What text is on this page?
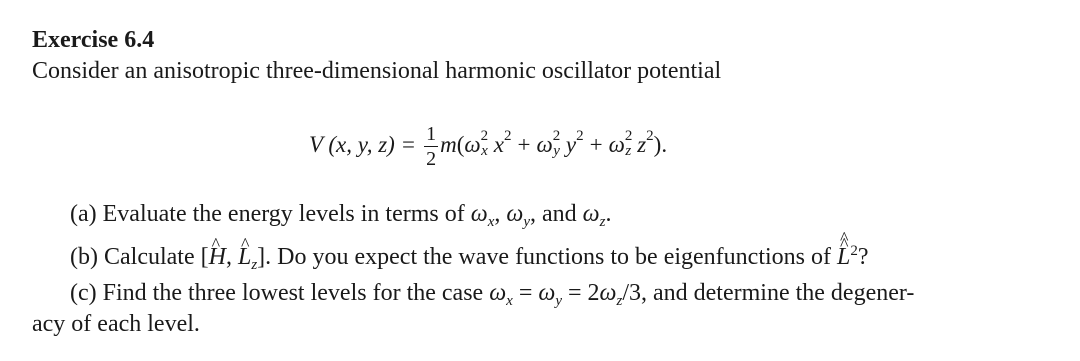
Exercise 6.4
Consider an anisotropic three-dimensional harmonic oscillator potential
V (x, y, $z) = \frac{1}{2}$ m ( ω 2
x x 2 + ω 2
y y 2 + ω 2
z z 2 ).
(a) Evaluate the energy levels in terms of $\omega_x$, $\omega_y$, and $\omega_z$.
(b) Calculate [^ H, ^ $L_z$]. Do you expect the wave functions to be eigenfunctions of ^ L ^$^2$?
(c) Find the three lowest levels for the case $\omega_x = \omega_y = 2\omega_z/3$, and determine the degener-
acy of each level.
